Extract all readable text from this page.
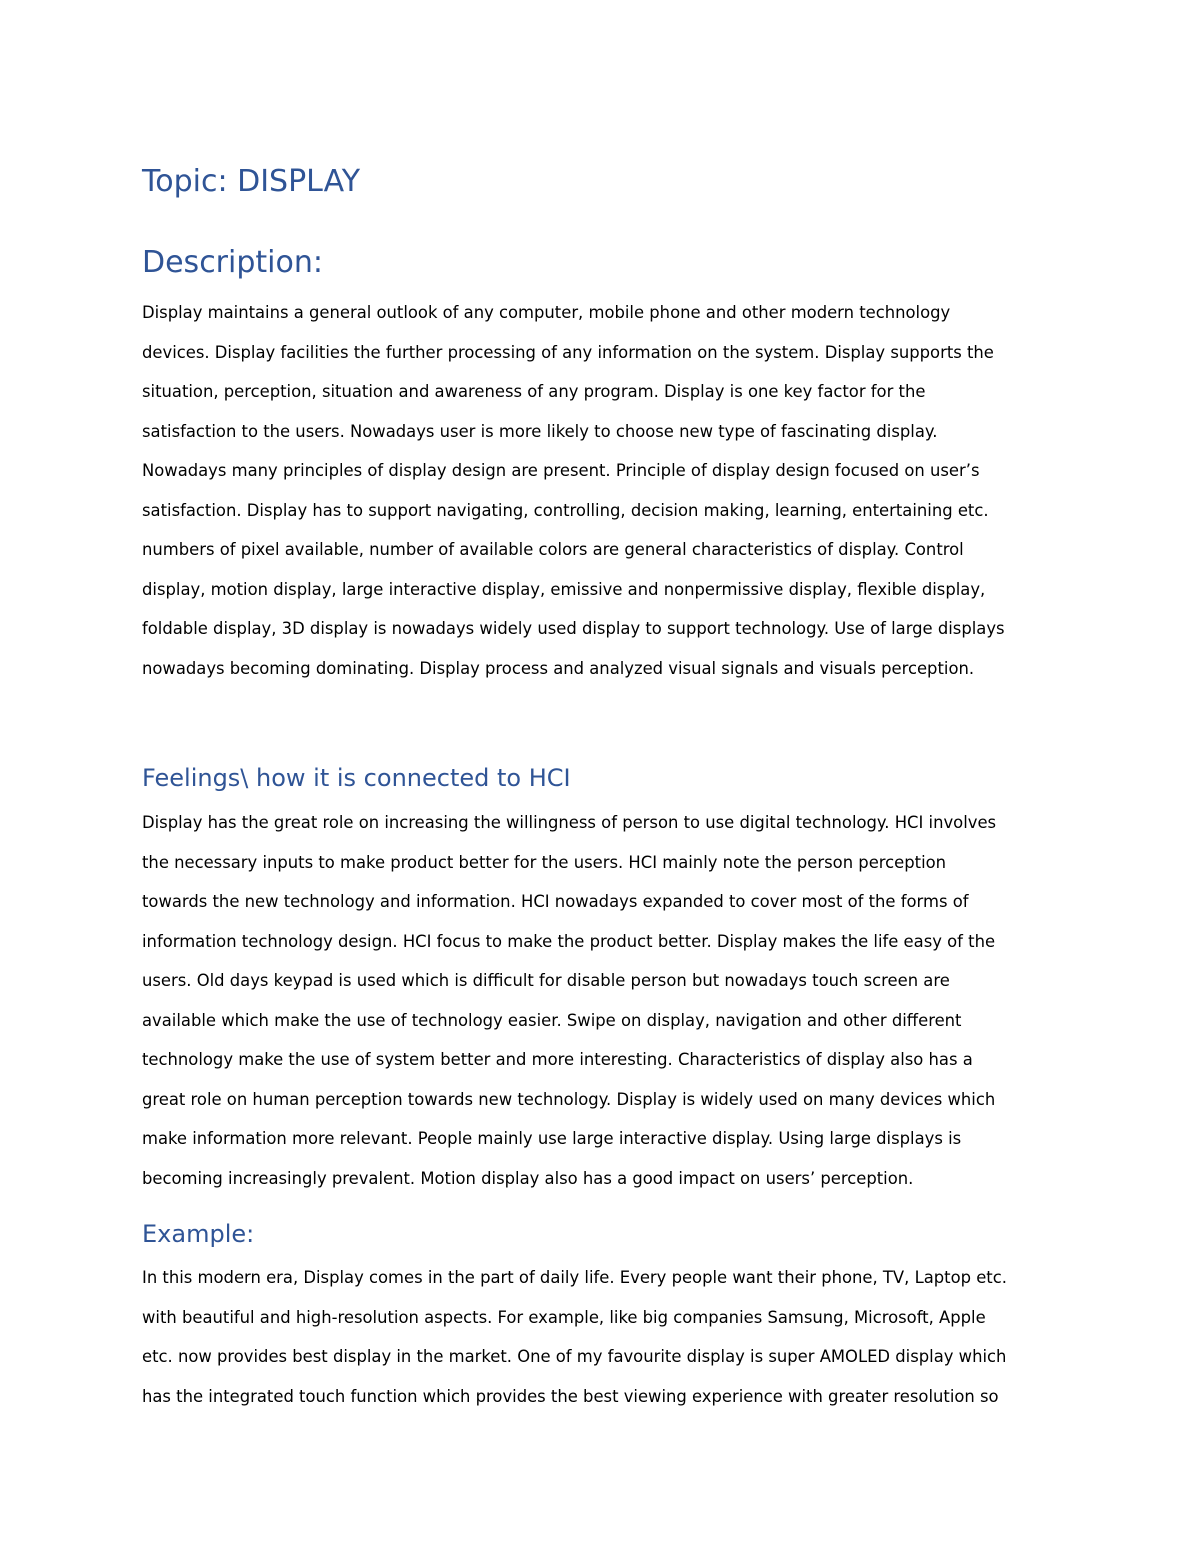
Topic: DISPLAY
Description:
Display maintains a general outlook of any computer, mobile phone and other modern technology
devices. Display facilities the further processing of any information on the system. Display supports the
situation, perception, situation and awareness of any program. Display is one key factor for the
satisfaction to the users. Nowadays user is more likely to choose new type of fascinating display.
Nowadays many principles of display design are present. Principle of display design focused on user’s
satisfaction. Display has to support navigating, controlling, decision making, learning, entertaining etc.
numbers of pixel available, number of available colors are general characteristics of display. Control
display, motion display, large interactive display, emissive and nonpermissive display, flexible display,
foldable display, 3D display is nowadays widely used display to support technology. Use of large displays
nowadays becoming dominating. Display process and analyzed visual signals and visuals perception.
Feelings\ how it is connected to HCI
Display has the great role on increasing the willingness of person to use digital technology. HCI involves
the necessary inputs to make product better for the users. HCI mainly note the person perception
towards the new technology and information. HCI nowadays expanded to cover most of the forms of
information technology design. HCI focus to make the product better. Display makes the life easy of the
users. Old days keypad is used which is difficult for disable person but nowadays touch screen are
available which make the use of technology easier. Swipe on display, navigation and other different
technology make the use of system better and more interesting. Characteristics of display also has a
great role on human perception towards new technology. Display is widely used on many devices which
make information more relevant. People mainly use large interactive display. Using large displays is
becoming increasingly prevalent. Motion display also has a good impact on users’ perception.
Example:
In this modern era, Display comes in the part of daily life. Every people want their phone, TV, Laptop etc.
with beautiful and high-resolution aspects. For example, like big companies Samsung, Microsoft, Apple
etc. now provides best display in the market. One of my favourite display is super AMOLED display which
has the integrated touch function which provides the best viewing experience with greater resolution so
